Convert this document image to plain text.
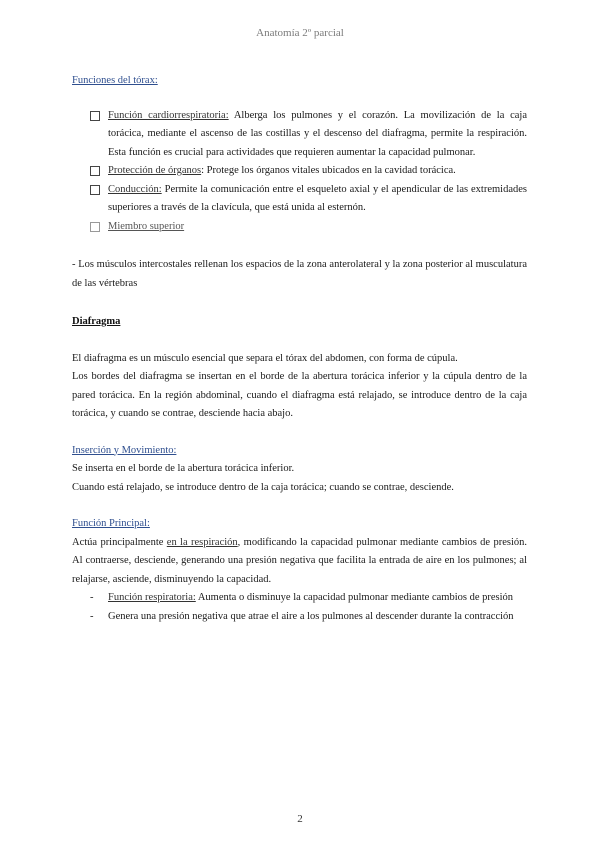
Anatomía 2º parcial
Funciones del tórax:
Función cardiorrespiratoria: Alberga los pulmones y el corazón. La movilización de la caja torácica, mediante el ascenso de las costillas y el descenso del diafragma, permite la respiración. Esta función es crucial para actividades que requieren aumentar la capacidad pulmonar.
Protección de órganos: Protege los órganos vitales ubicados en la cavidad torácica.
Conducción: Permite la comunicación entre el esqueleto axial y el apendicular de las extremidades superiores a través de la clavícula, que está unida al esternón.
Miembro superior

- Los músculos intercostales rellenan los espacios de la zona anterolateral y la zona posterior al musculatura de las vértebras

Diafragma

El diafragma es un músculo esencial que separa el tórax del abdomen, con forma de cúpula.

Los bordes del diafragma se insertan en el borde de la abertura torácica inferior y la cúpula dentro de la pared torácica. En la región abdominal, cuando el diafragma está relajado, se introduce dentro de la caja torácica, y cuando se contrae, desciende hacia abajo.

Inserción y Movimiento:

Se inserta en el borde de la abertura torácica inferior.

Cuando está relajado, se introduce dentro de la caja torácica; cuando se contrae, desciende.

Función Principal:

Actúa principalmente en la respiración, modificando la capacidad pulmonar mediante cambios de presión. Al contraerse, desciende, generando una presión negativa que facilita la entrada de aire en los pulmones; al relajarse, asciende, disminuyendo la capacidad.

- Función respiratoria: Aumenta o disminuye la capacidad pulmonar mediante cambios de presión
- Genera una presión negativa que atrae el aire a los pulmones al descender durante la contracción
2
